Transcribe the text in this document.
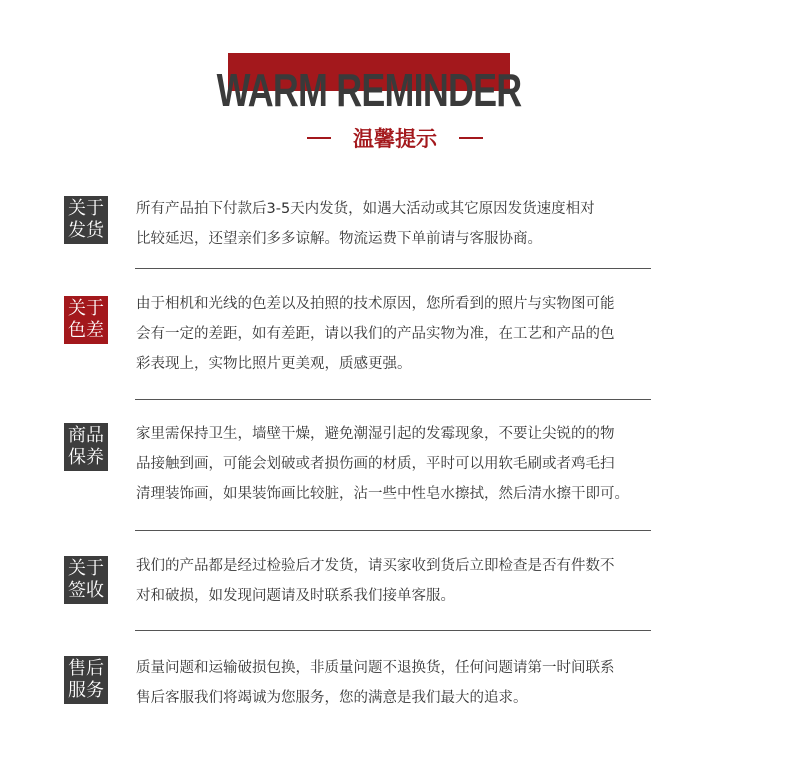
WARM REMINDER
温馨提示
关于
发货
所有产品拍下付款后3-5天内发货，如遇大活动或其它原因发货速度相对
比较延迟，还望亲们多多谅解。物流运费下单前请与客服协商。
关于
色差
由于相机和光线的色差以及拍照的技术原因，您所看到的照片与实物图可能
会有一定的差距，如有差距，请以我们的产品实物为准，在工艺和产品的色
彩表现上，实物比照片更美观，质感更强。
商品
保养
家里需保持卫生，墙壁干燥，避免潮湿引起的发霉现象，不要让尖锐的的物
品接触到画，可能会划破或者损伤画的材质，平时可以用软毛刷或者鸡毛扫
清理装饰画，如果装饰画比较脏，沾一些中性皂水擦拭，然后清水擦干即可。
关于
签收
我们的产品都是经过检验后才发货，请买家收到货后立即检查是否有件数不
对和破损，如发现问题请及时联系我们接单客服。
售后
服务
质量问题和运输破损包换，非质量问题不退换货，任何问题请第一时间联系
售后客服我们将竭诚为您服务，您的满意是我们最大的追求。
